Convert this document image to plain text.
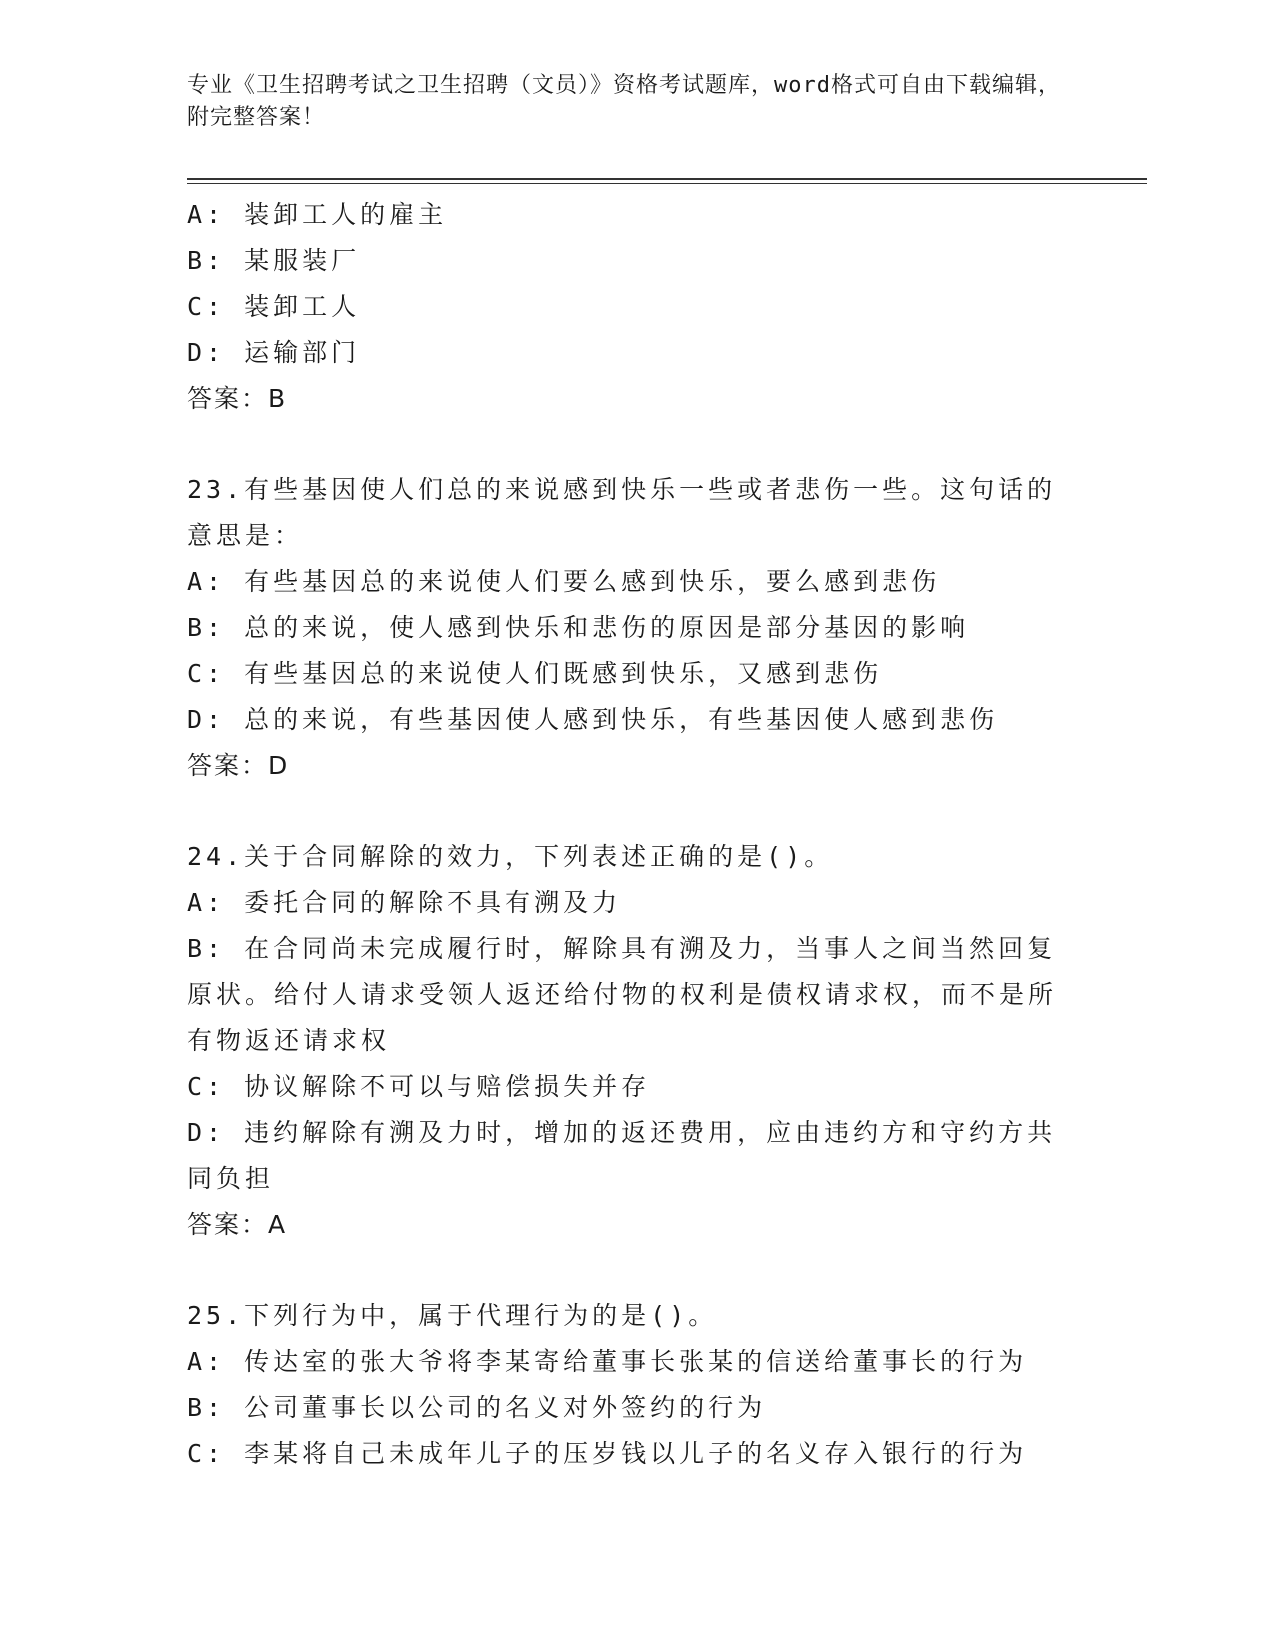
专业《卫生招聘考试之卫生招聘（文员）》资格考试题库，word格式可自由下载编辑，附完整答案！

A: 装卸工人的雇主

B: 某服装厂

C: 装卸工人

D: 运输部门

答案：B

23.有些基因使人们总的来说感到快乐一些或者悲伤一些。这句话的意思是：

A: 有些基因总的来说使人们要么感到快乐，要么感到悲伤

B: 总的来说，使人感到快乐和悲伤的原因是部分基因的影响

C: 有些基因总的来说使人们既感到快乐，又感到悲伤

D: 总的来说，有些基因使人感到快乐，有些基因使人感到悲伤

答案：D

24.关于合同解除的效力，下列表述正确的是()。

A: 委托合同的解除不具有溯及力

B: 在合同尚未完成履行时，解除具有溯及力，当事人之间当然回复原状。给付人请求受领人返还给付物的权利是债权请求权，而不是所有物返还请求权

C: 协议解除不可以与赔偿损失并存

D: 违约解除有溯及力时，增加的返还费用，应由违约方和守约方共同负担

答案：A

25.下列行为中，属于代理行为的是()。

A: 传达室的张大爷将李某寄给董事长张某的信送给董事长的行为

B: 公司董事长以公司的名义对外签约的行为

C: 李某将自己未成年儿子的压岁钱以儿子的名义存入银行的行为
